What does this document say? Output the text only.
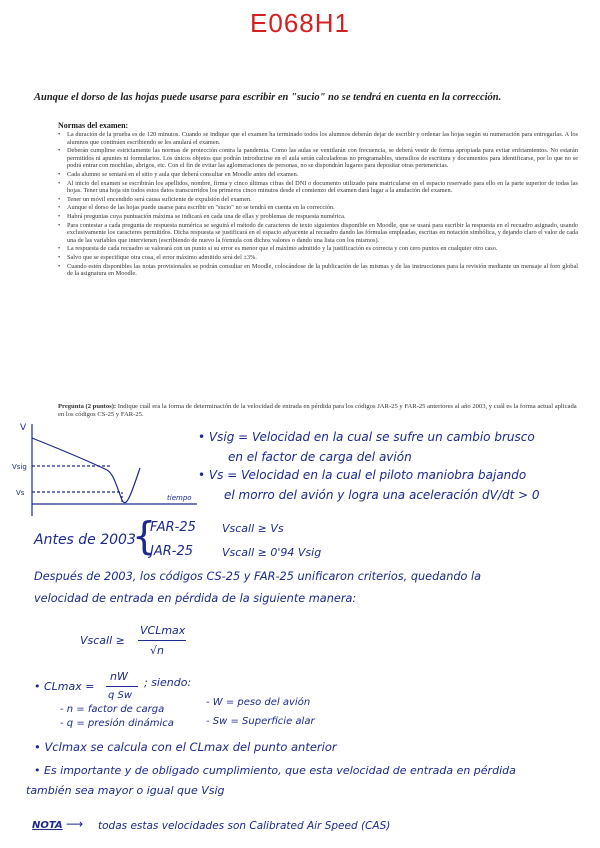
E068H1
Aunque el dorso de las hojas puede usarse para escribir en "sucio" no se tendrá en cuenta en la corrección.
Normas del examen:
• La duración de la prueba es de 120 minutos. Cuando se indique que el examen ha terminado todos los alumnos deberán dejar de escribir y ordenar las hojas según su numeración para entregarlas. A los alumnos que continúen escribiendo se les anulará el examen.
• Deberán cumplirse estrictamente las normas de protección contra la pandemia. Como las aulas se ventilarán con frecuencia, se deberá vestir de forma apropiada para evitar enfriamientos. No estarán permitidos ni apuntes ni formularios. Los únicos objetos que podrán introducirse en el aula serán calculadoras no programables, utensilios de escritura y documentos para identificarse, por lo que no se podrá entrar con mochilas, abrigos, etc. Con el fin de evitar las aglomeraciones de personas, no se dispondrán lugares para depositar otras pertenencias.
• Cada alumno se sentará en el sitio y aula que deberá consultar en Moodle antes del examen.
• Al inicio del examen se escribirán los apellidos, nombre, firma y cinco últimas cifras del DNI o documento utilizado para matricularse en el espacio reservado para ello en la parte superior de todas las hojas. Tener una hoja sin todos estos datos transcurridos los primeros cinco minutos desde el comienzo del examen dará lugar a la anulación del examen.
• Tener un móvil encendido será causa suficiente de expulsión del examen.
• Aunque el dorso de las hojas puede usarse para escribir en "sucio" no se tendrá en cuenta en la corrección.
• Habrá preguntas cuya puntuación máxima se indicará en cada una de ellas y problemas de respuesta numérica.
• Para contestar a cada pregunta de respuesta numérica se seguirá el método de caracteres de texto siguientes disponible en Moodle, que se usará para escribir la respuesta en el recuadro asignado, usando exclusivamente los caracteres permitidos. Dicha respuesta se justificará en el espacio adyacente al recuadro dando las fórmulas empleadas, escritas en notación simbólica, y dejando claro el valor de cada una de las variables que intervienen (escribiendo de nuevo la fórmula con dichos valores o dando una lista con los mismos).
• La respuesta de cada recuadro se valorará con un punto si su error es menor que el máximo admitido y la justificación es correcta y con cero puntos en cualquier otro caso.
• Salvo que se especifique otra cosa, el error máximo admitido será del ±3%.
• Cuando estén disponibles las notas provisionales se podrán consultar en Moodle, colocándose de la publicación de las mismas y de las instrucciones para la revisión mediante un mensaje al foro global de la asignatura en Moodle.
Pregunta (2 puntos): Indique cuál era la forma de determinación de la velocidad de entrada en pérdida para los códigos JAR-25 y FAR-25 anteriores al año 2003, y cuál es la forma actual aplicada en los códigos CS-25 y FAR-25.
V
Vsig
Vs
tiempo
• Vsig = Velocidad en la cual se sufre un cambio brusco
en el factor de carga del avión
• Vs = Velocidad en la cual el piloto maniobra bajando
el morro del avión y logra una aceleración dV/dt > 0
Antes de 2003
{
FAR-25 Vscall ≥ Vs
JAR-25	Vscall ≥ 0'94 Vsig
Después de 2003, los códigos CS-25 y FAR-25 unificaron criterios, quedando la
velocidad de entrada en pérdida de la siguiente manera:
Vscall ≥
VCLmax
√n
• CLmax =
nW
q Sw
; siendo:
- n = factor de carga
- W = peso del avión
- q = presión dinámica	- Sw = Superficie alar
• Vclmax se calcula con el CLmax del punto anterior
• Es importante y de obligado cumplimiento, que esta velocidad de entrada en pérdida
también sea mayor o igual que Vsig
NOTA ⟶ todas estas velocidades son Calibrated Air Speed (CAS)
